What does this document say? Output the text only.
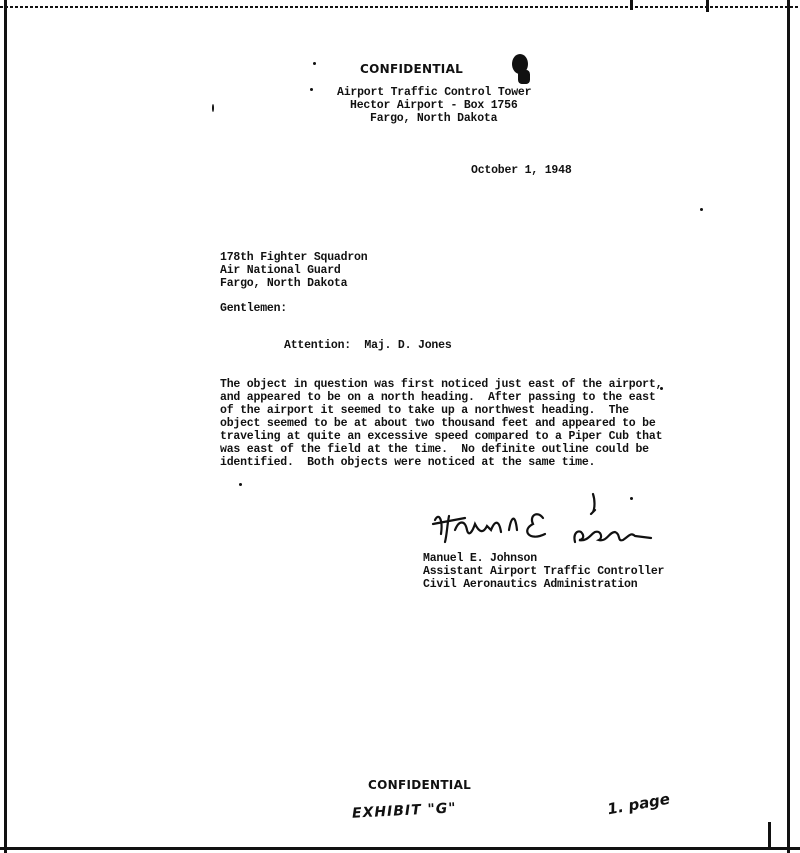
CONFIDENTIAL
Airport Traffic Control Tower
Hector Airport - Box 1756
Fargo, North Dakota
October 1, 1948
178th Fighter Squadron
Air National Guard
Fargo, North Dakota
Gentlemen:
Attention:  Maj. D. Jones
The object in question was first noticed just east of the airport,
and appeared to be on a north heading.  After passing to the east
of the airport it seemed to take up a northwest heading.  The
object seemed to be at about two thousand feet and appeared to be
traveling at quite an excessive speed compared to a Piper Cub that
was east of the field at the time.  No definite outline could be
identified.  Both objects were noticed at the same time.
Manuel E. Johnson
Assistant Airport Traffic Controller
Civil Aeronautics Administration
CONFIDENTIAL
EXHIBIT "G"	1. page
